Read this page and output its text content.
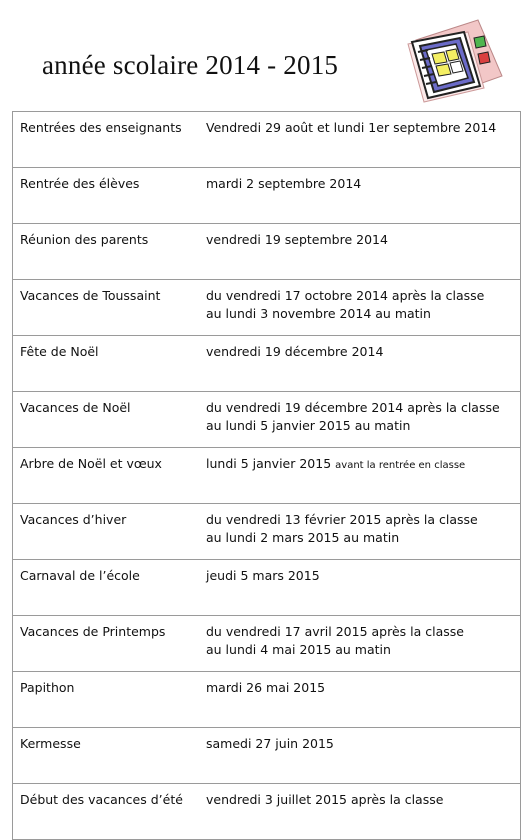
année scolaire 2014 - 2015
Rentrées des enseignants	Vendredi 29 août et lundi 1er septembre 2014

Rentrée des élèves	mardi 2 septembre 2014

Réunion des parents	vendredi 19 septembre 2014

Vacances de Toussaint	du vendredi 17 octobre 2014 après la classe
au lundi 3 novembre 2014 au matin

Fête de Noël	vendredi 19 décembre 2014

Vacances de Noël	du vendredi 19 décembre 2014 après la classe
au lundi 5 janvier 2015 au matin

Arbre de Noël et vœux	lundi 5 janvier 2015 avant la rentrée en classe

Vacances d’hiver	du vendredi 13 février 2015 après la classe
au lundi 2 mars 2015 au matin

Carnaval de l’école	jeudi 5 mars 2015

Vacances de Printemps	du vendredi 17 avril 2015 après la classe
au lundi 4 mai 2015 au matin

Papithon	mardi 26 mai 2015

Kermesse	samedi 27 juin 2015

Début des vacances d’été	vendredi 3 juillet 2015 après la classe
